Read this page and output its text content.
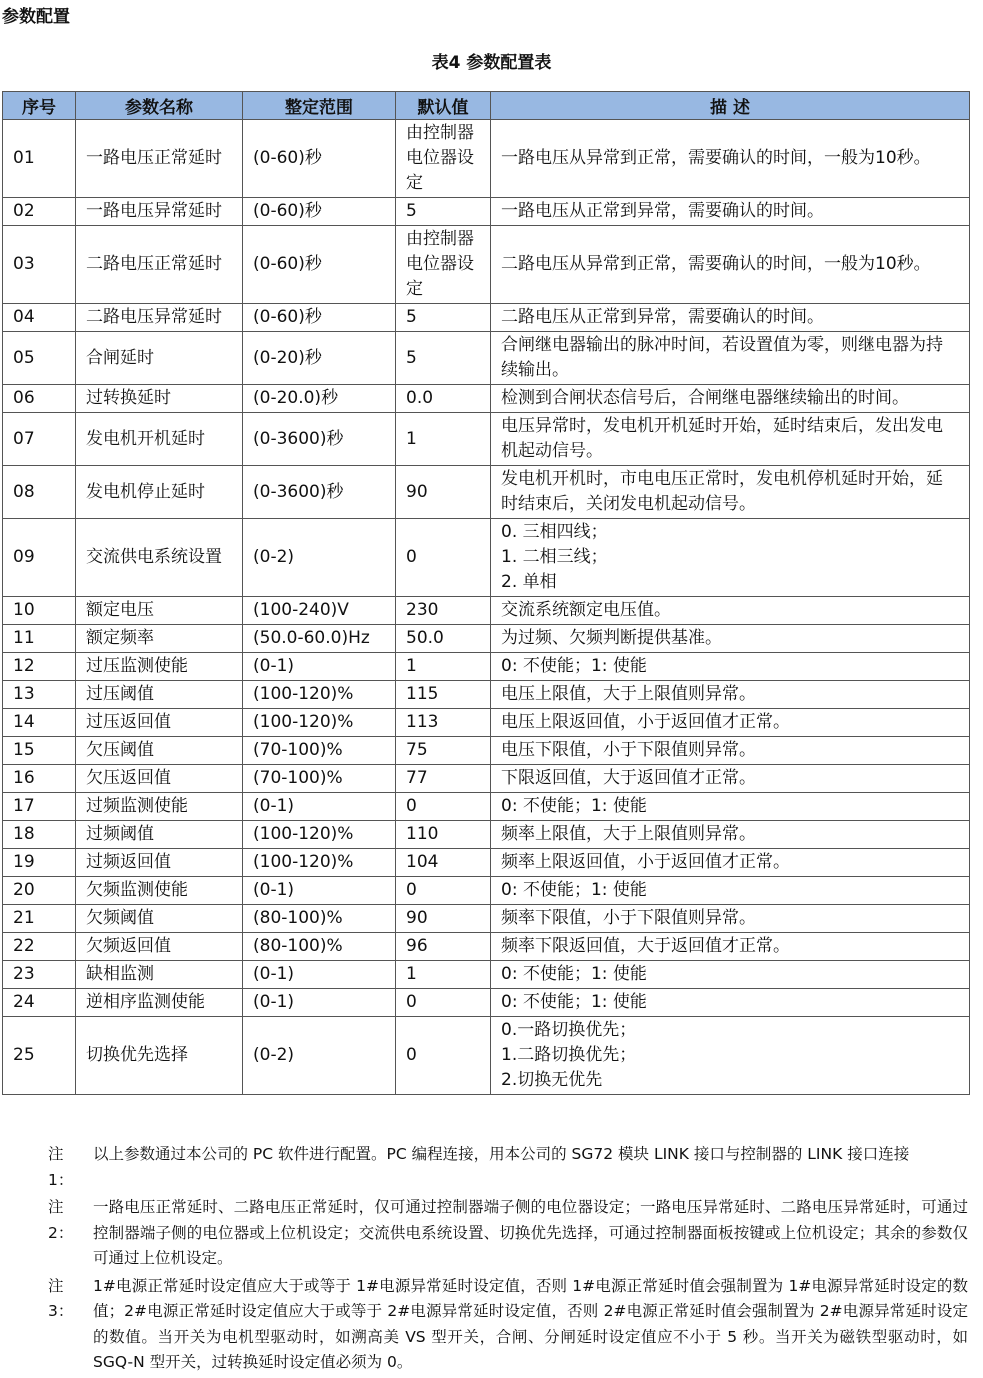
参数配置
表4 参数配置表
序号	参数名称	整定范围	默认值	描 述
01	一路电压正常延时	(0-60)秒	由控制器电位器设定	一路电压从异常到正常，需要确认的时间，一般为10秒。
02	一路电压异常延时	(0-60)秒	5	一路电压从正常到异常，需要确认的时间。
03	二路电压正常延时	(0-60)秒	由控制器电位器设定	二路电压从异常到正常，需要确认的时间，一般为10秒。
04	二路电压异常延时	(0-60)秒	5	二路电压从正常到异常，需要确认的时间。
05	合闸延时	(0-20)秒	5	合闸继电器输出的脉冲时间，若设置值为零，则继电器为持续输出。
06	过转换延时	(0-20.0)秒	0.0	检测到合闸状态信号后，合闸继电器继续输出的时间。
07	发电机开机延时	(0-3600)秒	1	电压异常时，发电机开机延时开始，延时结束后，发出发电机起动信号。
08	发电机停止延时	(0-3600)秒	90	发电机开机时，市电电压正常时，发电机停机延时开始，延时结束后，关闭发电机起动信号。
09	交流供电系统设置	(0-2)	0	0. 三相四线；
1. 二相三线；
2. 单相
10	额定电压	(100-240)V	230	交流系统额定电压值。
11	额定频率	(50.0-60.0)Hz	50.0	为过频、欠频判断提供基准。
12	过压监测使能	(0-1)	1	0: 不使能；1: 使能
13	过压阈值	(100-120)%	115	电压上限值，大于上限值则异常。
14	过压返回值	(100-120)%	113	电压上限返回值，小于返回值才正常。
15	欠压阈值	(70-100)%	75	电压下限值，小于下限值则异常。
16	欠压返回值	(70-100)%	77	下限返回值，大于返回值才正常。
17	过频监测使能	(0-1)	0	0: 不使能；1: 使能
18	过频阈值	(100-120)%	110	频率上限值，大于上限值则异常。
19	过频返回值	(100-120)%	104	频率上限返回值，小于返回值才正常。
20	欠频监测使能	(0-1)	0	0: 不使能；1: 使能
21	欠频阈值	(80-100)%	90	频率下限值，小于下限值则异常。
22	欠频返回值	(80-100)%	96	频率下限返回值，大于返回值才正常。
23	缺相监测	(0-1)	1	0: 不使能；1: 使能
24	逆相序监测使能	(0-1)	0	0: 不使能；1: 使能
25	切换优先选择	(0-2)	0	0.一路切换优先；
1.二路切换优先；
2.切换无优先
注 1：
以上参数通过本公司的 PC 软件进行配置。PC 编程连接，用本公司的 SG72 模块 LINK 接口与控制器的 LINK 接口连接
注 2：
一路电压正常延时、二路电压正常延时，仅可通过控制器端子侧的电位器设定；一路电压异常延时、二路电压异常延时，可通过控制器端子侧的电位器或上位机设定；交流供电系统设置、切换优先选择，可通过控制器面板按键或上位机设定；其余的参数仅可通过上位机设定。
注 3：
1#电源正常延时设定值应大于或等于 1#电源异常延时设定值，否则 1#电源正常延时值会强制置为 1#电源异常延时设定的数值；2#电源正常延时设定值应大于或等于 2#电源异常延时设定值，否则 2#电源正常延时值会强制置为 2#电源异常延时设定的数值。当开关为电机型驱动时，如溯高美 VS 型开关，合闸、分闸延时设定值应不小于 5 秒。当开关为磁铁型驱动时，如 SGQ-N 型开关，过转换延时设定值必须为 0。
